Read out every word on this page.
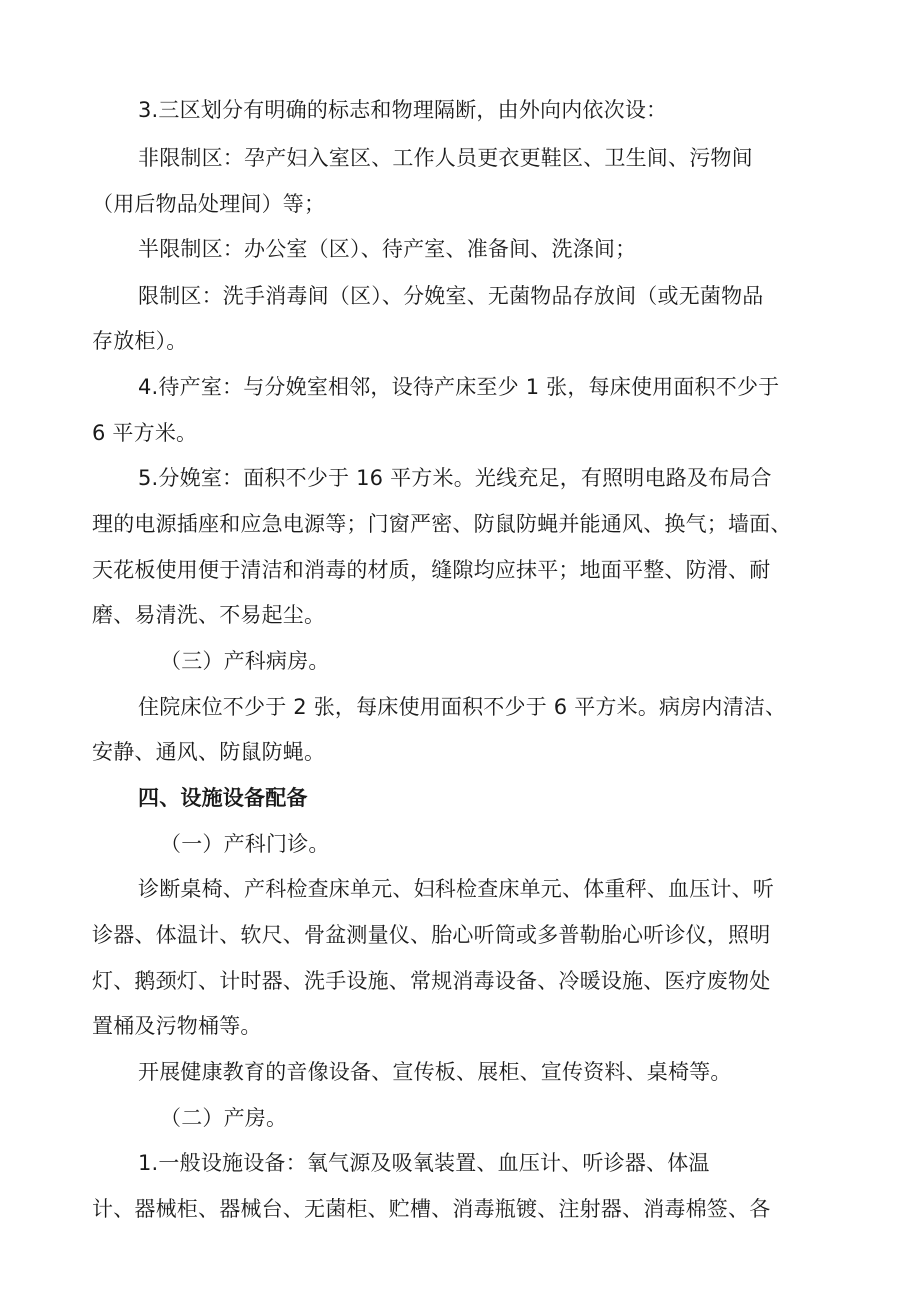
3.三区划分有明确的标志和物理隔断，由外向内依次设：
非限制区：孕产妇入室区、工作人员更衣更鞋区、卫生间、污物间
（用后物品处理间）等；
半限制区：办公室（区）、待产室、准备间、洗涤间；
限制区：洗手消毒间（区）、分娩室、无菌物品存放间（或无菌物品
存放柜）。
4.待产室：与分娩室相邻，设待产床至少 1 张，每床使用面积不少于
6 平方米。
5.分娩室：面积不少于 16 平方米。光线充足，有照明电路及布局合
理的电源插座和应急电源等；门窗严密、防鼠防蝇并能通风、换气；墙面、
天花板使用便于清洁和消毒的材质，缝隙均应抹平；地面平整、防滑、耐
磨、易清洗、不易起尘。
（三）产科病房。
住院床位不少于 2 张，每床使用面积不少于 6 平方米。病房内清洁、
安静、通风、防鼠防蝇。
四、设施设备配备
（一）产科门诊。
诊断桌椅、产科检查床单元、妇科检查床单元、体重秤、血压计、听
诊器、体温计、软尺、骨盆测量仪、胎心听筒或多普勒胎心听诊仪，照明
灯、鹅颈灯、计时器、洗手设施、常规消毒设备、冷暖设施、医疗废物处
置桶及污物桶等。
开展健康教育的音像设备、宣传板、展柜、宣传资料、桌椅等。
（二）产房。
1.一般设施设备：氧气源及吸氧装置、血压计、听诊器、体温
计、器械柜、器械台、无菌柜、贮槽、消毒瓶镀、注射器、消毒棉签、各
